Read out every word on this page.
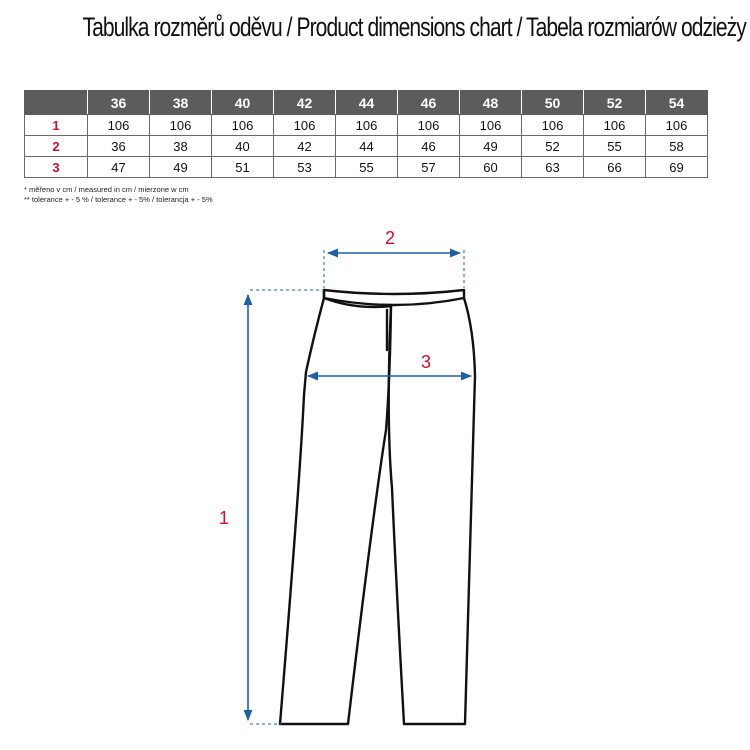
Tabulka rozměrů oděvu / Product dimensions chart / Tabela rozmiarów odzieży
	36	38	40	42	44	46	48	50	52	54
1	106	106	106	106	106	106	106	106	106	106
2	36	38	40	42	44	46	49	52	55	58
3	47	49	51	53	55	57	60	63	66	69
* měřeno v cm / measured in cm / mierzone w cm
** tolerance + - 5 % / tolerance + - 5% / tolerancja + - 5%
1
2
3
